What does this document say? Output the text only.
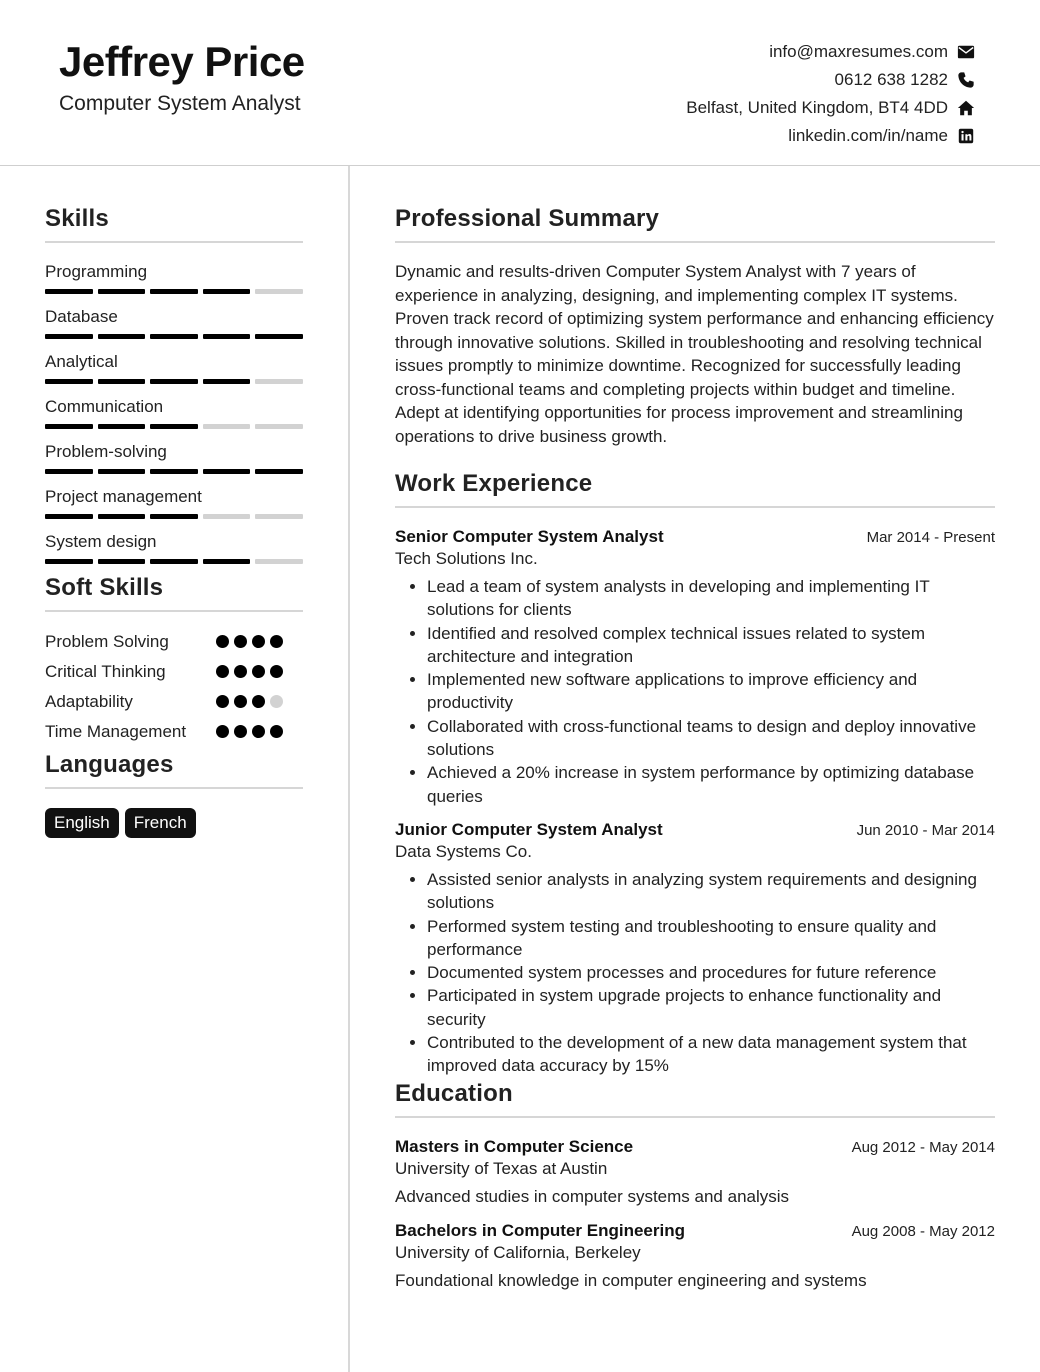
Jeffrey Price
Computer System Analyst
info@maxresumes.com
0612 638 1282
Belfast, United Kingdom, BT4 4DD
linkedin.com/in/name
Skills
Programming
Database
Analytical
Communication
Problem-solving
Project management
System design
Soft Skills
Problem Solving
Critical Thinking
Adaptability
Time Management
Languages
English	French
Professional Summary
Dynamic and results-driven Computer System Analyst with 7 years of experience in analyzing, designing, and implementing complex IT systems. Proven track record of optimizing system performance and enhancing efficiency through innovative solutions. Skilled in troubleshooting and resolving technical issues promptly to minimize downtime. Recognized for successfully leading cross-functional teams and completing projects within budget and timeline. Adept at identifying opportunities for process improvement and streamlining operations to drive business growth.
Work Experience
Senior Computer System Analyst	Mar 2014 - Present
Tech Solutions Inc.
• Lead a team of system analysts in developing and implementing IT solutions for clients
• Identified and resolved complex technical issues related to system architecture and integration
• Implemented new software applications to improve efficiency and productivity
• Collaborated with cross-functional teams to design and deploy innovative solutions
• Achieved a 20% increase in system performance by optimizing database queries
Junior Computer System Analyst	Jun 2010 - Mar 2014
Data Systems Co.
• Assisted senior analysts in analyzing system requirements and designing solutions
• Performed system testing and troubleshooting to ensure quality and performance
• Documented system processes and procedures for future reference
• Participated in system upgrade projects to enhance functionality and security
• Contributed to the development of a new data management system that improved data accuracy by 15%
Education
Masters in Computer Science	Aug 2012 - May 2014
University of Texas at Austin
Advanced studies in computer systems and analysis
Bachelors in Computer Engineering	Aug 2008 - May 2012
University of California, Berkeley
Foundational knowledge in computer engineering and systems
